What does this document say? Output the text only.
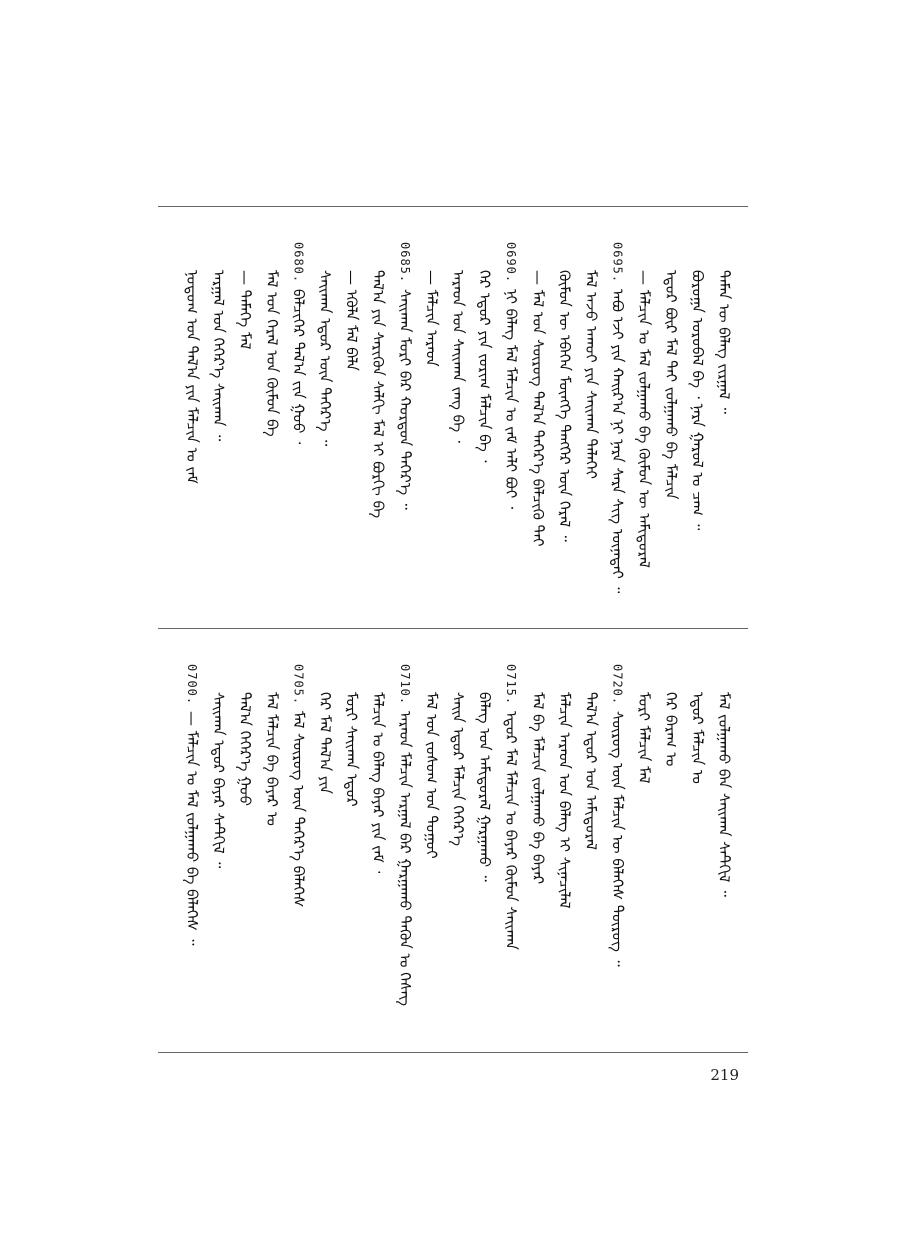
ᠲᠡᠮᠡᠨ ᠦ ᠪᠡᠯᠡᠭ ᠵᠢᠷᠭᠠᠯ ᠃
ᠪᠣᠷᠣᠭᠠ ᠣᠷᠣᠪᠠᠯ ᠪᠠ ᠂ ᠨᠠᠷᠠ ᠭᠠᠷᠤᠯ ᠤ ᠴᠠᠭ ᠃
ᠡᠳᠦᠷ ᠪᠦᠷ ᠮᠠᠯ ᠲᠠᠢ ᠵᠤᠯᠭᠠᠬᠤ ᠪᠠ ᠮᠠᠯᠴᠢᠨ
— ᠮᠠᠯᠴᠢᠨ ᠤ ᠮᠠᠯ ᠵᠤᠯᠭᠠᠬᠤ ᠪᠠ ᠬᠦᠮᠦᠨ ᠦ ᠠᠮᠢᠳᠤᠷᠠᠯ
0695.
ᠠᠪᠤ ᠡᠵᠢ ᠶᠢᠨ ᠬᠠᠢᠷ᠎ᠠ ᠨᠢ ᠨᠠᠷᠠ ᠰᠠᠷᠠ ᠰᠢᠭ ᠦᠨᠡᠲᠡᠢ ᠃
ᠮᠠᠯ ᠠᠵᠤ ᠠᠬᠤᠢ ᠶᠢᠨ ᠰᠠᠢᠬᠠᠨ ᠳᠡᠯᠡᠭᠡᠢ
ᠬᠦᠮᠦᠨ ᠦ ᠡᠪᠡᠭᠡᠨ ᠮᠥᠩᠬᠡ ᠲᠡᠩᠭᠡᠷ ᠦᠨ ᠭᠡᠷᠡᠯ ᠃
— ᠮᠠᠯ ᠤᠨ ᠰᠦᠷᠦᠭ ᠲᠠᠯ᠎ᠠ ᠳᠡᠭᠡᠷ᠎ᠡ ᠪᠡᠯᠴᠢᠬᠦ ᠲᠠᠢ
0690.
ᠨᠢ ᠪᠡᠯᠡᠭ ᠮᠠᠯ ᠮᠠᠯᠴᠢᠨ ᠤ ᠵᠠᠮ ᠠᠯᠢ ᠪᠤᠢ ᠂
ᠬᠡᠷ ᠡᠳᠦᠷ ᠶᠢᠨ ᠵᠣᠷᠢᠭ ᠮᠠᠯᠴᠢᠨ ᠪᠠ ᠂
ᠠᠷᠠᠳ ᠤᠨ ᠰᠠᠢᠬᠠᠨ ᠵᠠᠩ ᠪᠠ ᠂
— ᠮᠠᠯᠴᠢᠨ ᠠᠷᠠᠳ
0685.
ᠰᠠᠢᠬᠠᠨ ᠮᠣᠷᠢ ᠪᠠᠷ ᠬᠤᠷᠳᠤᠨ ᠳᠡᠭᠡᠷ᠎ᠡ ᠃
ᠲᠠᠯ᠎ᠠ ᠶᠢᠨ ᠰᠡᠷᠢᠭᠦᠨ ᠰᠠᠯᠬᠢ ᠮᠠᠯ ᠢ ᠪᠤᠷᠭᠢ ᠪᠠ
— ᠡᠭᠦᠯᠡ ᠮᠠᠯ ᠪᠠᠯᠠ
ᠰᠠᠢᠬᠠᠨ ᠡᠳᠦᠷ ᠦᠨ ᠳᠡᠭᠡᠷ᠎ᠡ ᠃
0680.
ᠪᠡᠯᠴᠢᠭᠡᠷ ᠲᠠᠯ᠎ᠠ ᠵᠢᠨ ᠭᠣᠣ ᠂
ᠮᠠᠯ ᠤᠨ ᠭᠡᠷᠡᠯ ᠤᠨ ᠬᠦᠮᠦᠨ ᠪᠠ
— ᠲᠡᠮᠡᠭᠡ ᠮᠠᠯ
ᠠᠷᠭᠠᠯ ᠤᠨ ᠬᠡᠭᠡᠷ᠎ᠡ ᠰᠠᠢᠬᠠᠨ ᠃
ᠨᠤᠲᠤᠭ ᠤᠨ ᠲᠠᠯ᠎ᠠ ᠶᠢᠨ ᠮᠠᠯᠴᠢᠨ ᠤ ᠵᠠᠮ
ᠮᠠᠯ ᠵᠤᠯᠭᠠᠬᠤ ᠪᠠᠨ ᠰᠠᠢᠬᠠᠨ ᠰᠡᠲᠭᠢᠯ ᠃
ᠡᠳᠦᠷ ᠮᠠᠯᠴᠢᠨ ᠤ
ᠭᠡᠷ ᠪᠠᠷᠠᠭ ᠤ
ᠮᠣᠷᠢ ᠮᠠᠯᠴᠢᠨ ᠮᠠᠯ
0720.
ᠰᠦᠷᠦᠭ ᠦᠨ ᠮᠠᠯᠴᠢᠨ ᠦ ᠪᠡᠯᠡᠭᠡᠰ ᠲᠦᠷᠦᠭ ᠃
ᠲᠠᠯ᠎ᠠ ᠡᠳᠦᠷ ᠤᠨ ᠠᠮᠢᠳᠤᠷᠠᠯ
ᠮᠠᠯᠴᠢᠨ ᠠᠷᠠᠳ ᠤᠨ ᠪᠡᠯᠡᠭ ᠢ ᠰᠢᠨᠡᠴᠢᠯᠡᠯ
ᠮᠠᠯ ᠪᠠ ᠮᠠᠯᠴᠢᠨ ᠵᠤᠯᠭᠠᠬᠤ ᠪᠠ ᠪᠠᠶᠠᠷ
0715.
ᠡᠳᠦᠷ ᠮᠠᠯ ᠮᠠᠯᠴᠢᠨ ᠤ ᠪᠠᠶᠠᠷ ᠬᠦᠮᠦᠨ ᠰᠠᠢᠬᠠᠨ
ᠪᠡᠯᠡᠭ ᠤᠨ ᠠᠮᠢᠳᠤᠷᠠᠯ ᠭᠠᠷᠭᠠᠬᠤ ᠃
ᠰᠠᠢᠨ ᠡᠳᠦᠷ ᠮᠠᠯᠴᠢᠨ ᠬᠡᠭᠡᠷ᠎ᠡ
ᠮᠠᠯ ᠤᠨ ᠵᠣᠰᠤᠭ ᠤᠨ ᠳᠤᠭᠤᠢ
0710.
ᠠᠷᠠᠳ ᠮᠠᠯᠴᠢᠨ ᠠᠷᠭᠠᠯ ᠪᠠᠷ ᠭᠠᠷᠭᠠᠬᠤ ᠲᠡᠭᠦᠨ ᠤ ᠬᠡᠰᠡᠭ
ᠮᠠᠯᠴᠢᠨ ᠤ ᠪᠡᠯᠡᠭ ᠪᠠᠶᠠᠷ ᠶᠢᠨ ᠵᠠᠮ ᠂
ᠮᠣᠷᠢ ᠰᠠᠢᠬᠠᠨ ᠡᠳᠦᠷ
ᠭᠡᠷ ᠮᠠᠯ ᠲᠠᠯ᠎ᠠ ᠶᠢᠨ
0705.
ᠮᠠᠯ ᠰᠦᠷᠦᠭ ᠦᠨ ᠳᠡᠭᠡᠷ᠎ᠡ ᠪᠡᠯᠡᠭᠡᠰ
ᠮᠠᠯ ᠮᠠᠯᠴᠢᠨ ᠪᠠ ᠪᠠᠶᠠᠷ ᠤ
ᠲᠠᠯ᠎ᠠ ᠬᠡᠭᠡᠷ᠎ᠡ ᠭᠣᠣ
ᠰᠠᠢᠬᠠᠨ ᠡᠳᠦᠷ ᠪᠠᠶᠠᠷ ᠰᠡᠲᠭᠢᠯ ᠃
0700.
— ᠮᠠᠯᠴᠢᠨ ᠤ ᠮᠠᠯ ᠵᠤᠯᠭᠠᠬᠤ ᠪᠠ ᠪᠡᠯᠡᠭᠡᠰ ᠃
219
